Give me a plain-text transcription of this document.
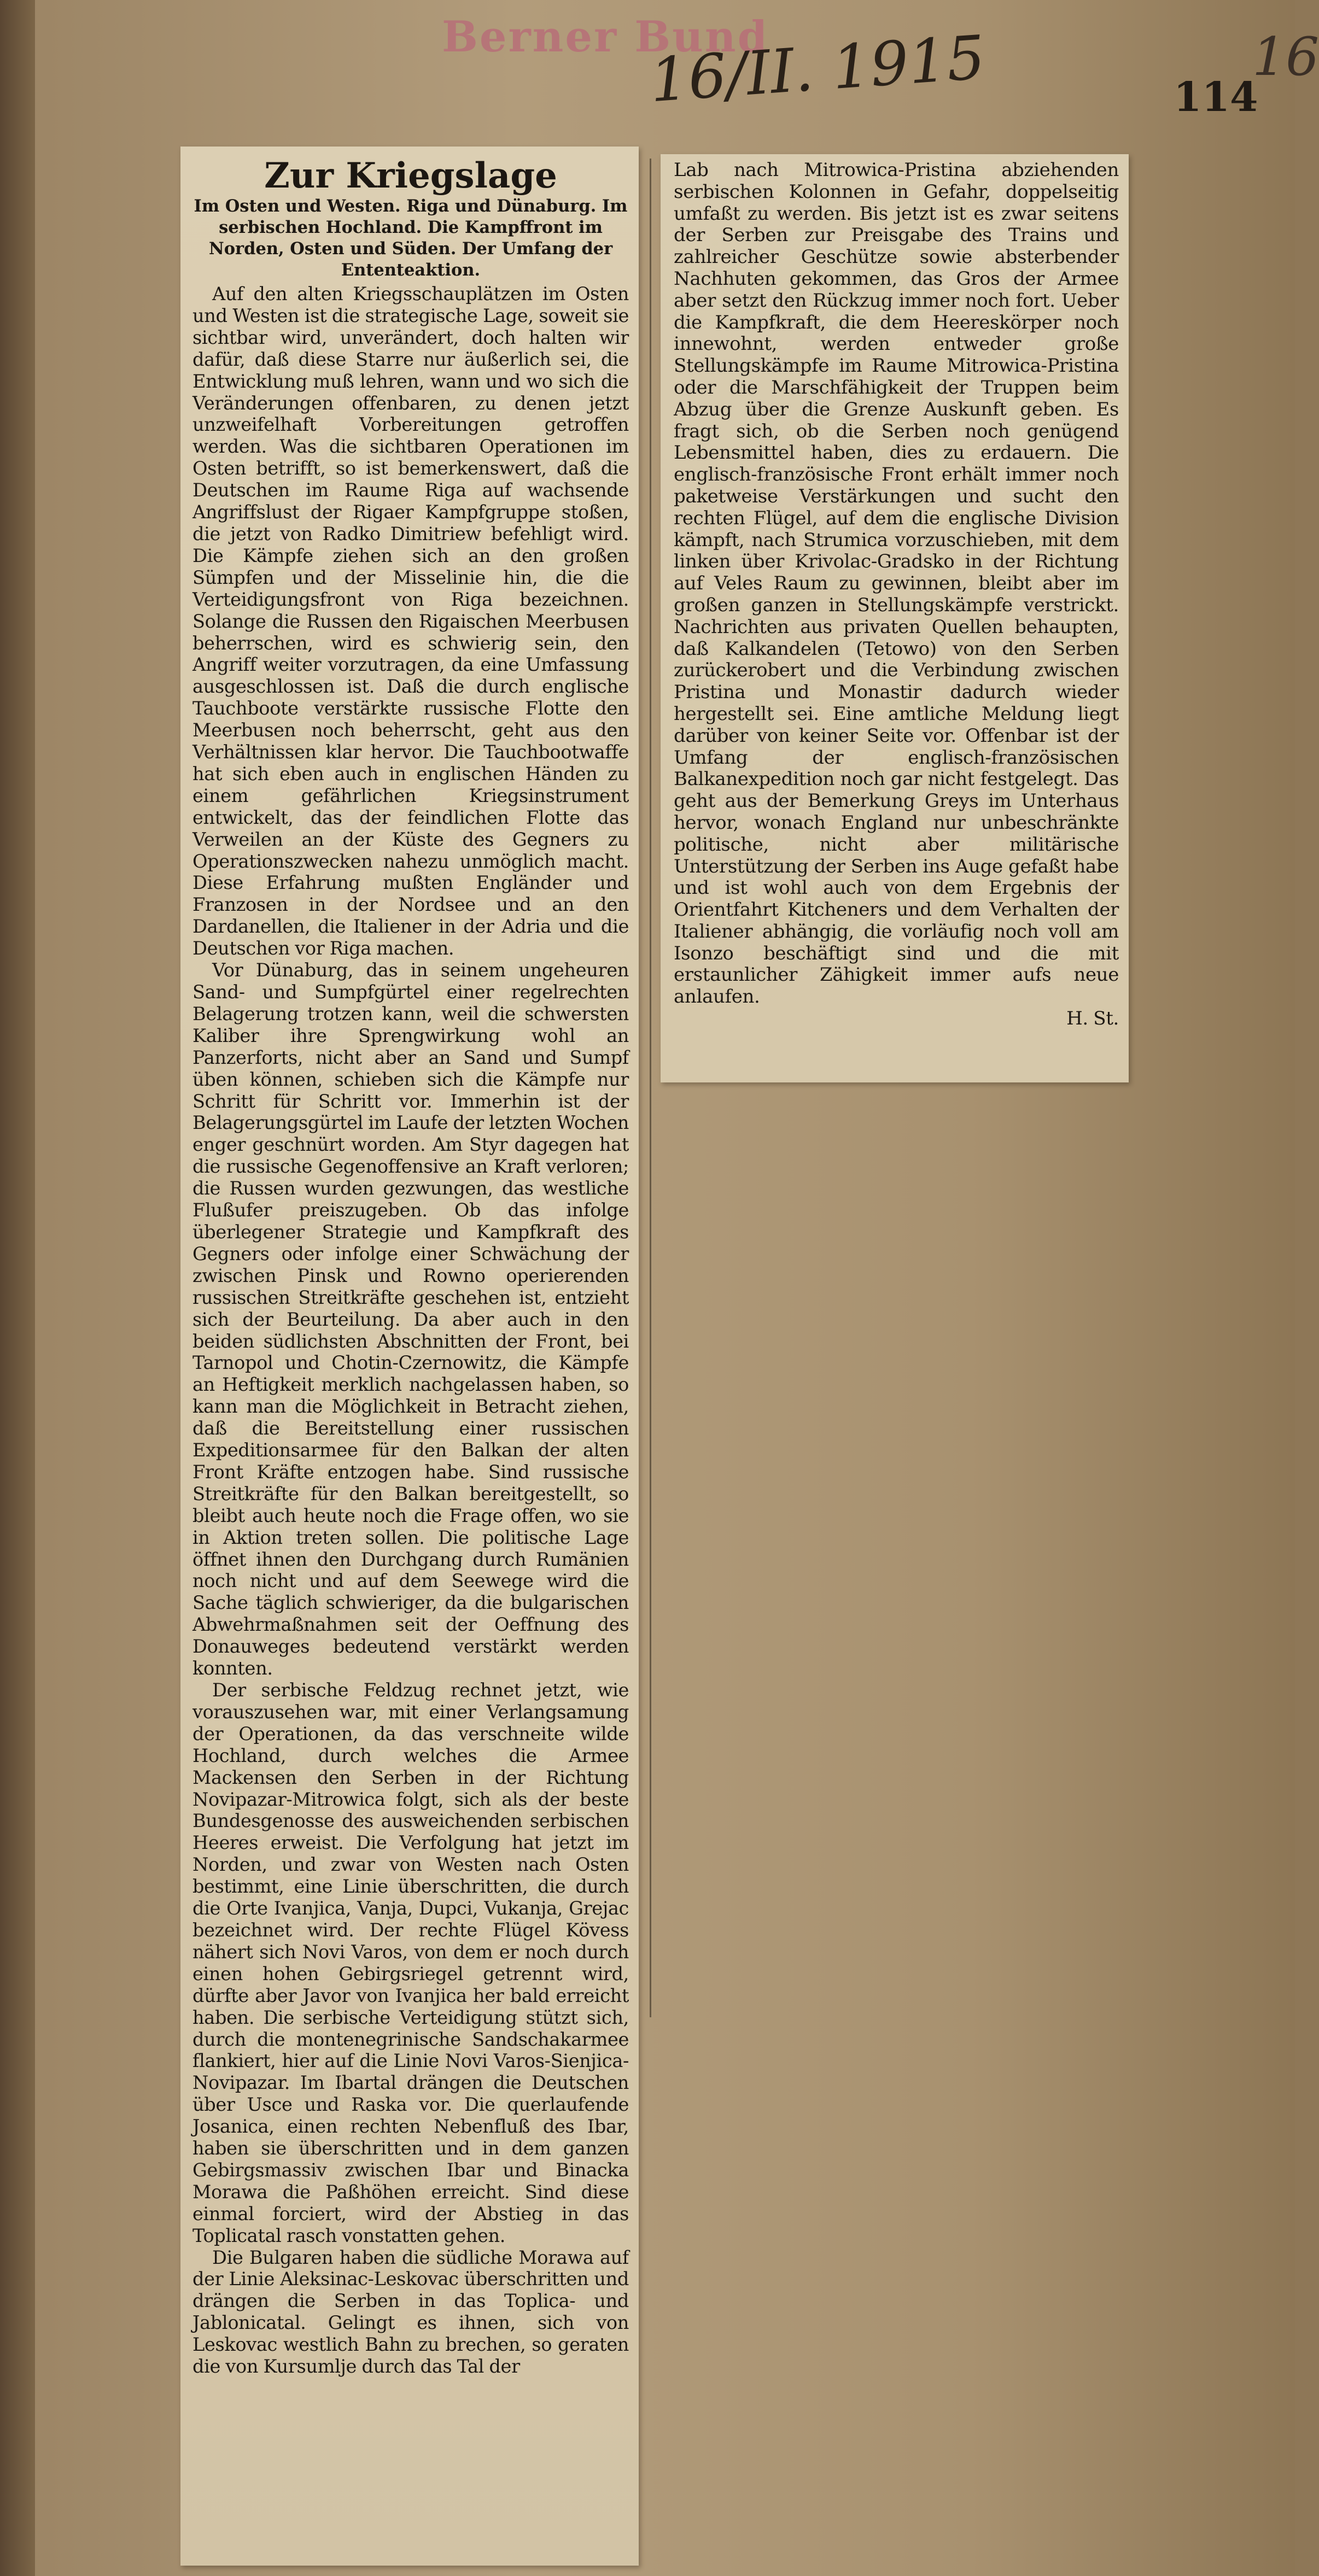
Berner Bund
16/II. 1915	114
16
Zur Kriegslage
Im Osten und Westen. Riga und Dünaburg. Im serbischen Hochland. Die Kampffront im Norden, Osten und Süden. Der Umfang der Ententeaktion.

Auf den alten Kriegsschauplätzen im Osten und Westen ist die strategische Lage, soweit sie sichtbar wird, unverändert, doch halten wir dafür, daß diese Starre nur äußerlich sei, die Entwicklung muß lehren, wann und wo sich die Veränderungen offenbaren, zu denen jetzt unzweifelhaft Vorbereitungen getroffen werden. Was die sichtbaren Operationen im Osten betrifft, so ist bemerkenswert, daß die Deutschen im Raume Riga auf wachsende Angriffslust der Rigaer Kampfgruppe stoßen, die jetzt von Radko Dimitriew befehligt wird. Die Kämpfe ziehen sich an den großen Sümpfen und der Misselinie hin, die die Verteidigungsfront von Riga bezeichnen. Solange die Russen den Rigaischen Meerbusen beherrschen, wird es schwierig sein, den Angriff weiter vorzutragen, da eine Umfassung ausgeschlossen ist. Daß die durch englische Tauchboote verstärkte russische Flotte den Meerbusen noch beherrscht, geht aus den Verhältnissen klar hervor. Die Tauchbootwaffe hat sich eben auch in englischen Händen zu einem gefährlichen Kriegsinstrument entwickelt, das der feindlichen Flotte das Verweilen an der Küste des Gegners zu Operationszwecken nahezu unmöglich macht. Diese Erfahrung mußten Engländer und Franzosen in der Nordsee und an den Dardanellen, die Italiener in der Adria und die Deutschen vor Riga machen.

Vor Dünaburg, das in seinem ungeheuren Sand- und Sumpfgürtel einer regelrechten Belagerung trotzen kann, weil die schwersten Kaliber ihre Sprengwirkung wohl an Panzerforts, nicht aber an Sand und Sumpf üben können, schieben sich die Kämpfe nur Schritt für Schritt vor. Immerhin ist der Belagerungsgürtel im Laufe der letzten Wochen enger geschnürt worden. Am Styr dagegen hat die russische Gegenoffensive an Kraft verloren; die Russen wurden gezwungen, das westliche Flußufer preiszugeben. Ob das infolge überlegener Strategie und Kampfkraft des Gegners oder infolge einer Schwächung der zwischen Pinsk und Rowno operierenden russischen Streitkräfte geschehen ist, entzieht sich der Beurteilung. Da aber auch in den beiden südlichsten Abschnitten der Front, bei Tarnopol und Chotin-Czernowitz, die Kämpfe an Heftigkeit merklich nachgelassen haben, so kann man die Möglichkeit in Betracht ziehen, daß die Bereitstellung einer russischen Expeditionsarmee für den Balkan der alten Front Kräfte entzogen habe. Sind russische Streitkräfte für den Balkan bereitgestellt, so bleibt auch heute noch die Frage offen, wo sie in Aktion treten sollen. Die politische Lage öffnet ihnen den Durchgang durch Rumänien noch nicht und auf dem Seewege wird die Sache täglich schwieriger, da die bulgarischen Abwehrmaßnahmen seit der Oeffnung des Donauweges bedeutend verstärkt werden konnten.

Der serbische Feldzug rechnet jetzt, wie vorauszusehen war, mit einer Verlangsamung der Operationen, da das verschneite wilde Hochland, durch welches die Armee Mackensen den Serben in der Richtung Novipazar-Mitrowica folgt, sich als der beste Bundesgenosse des ausweichenden serbischen Heeres erweist. Die Verfolgung hat jetzt im Norden, und zwar von Westen nach Osten bestimmt, eine Linie überschritten, die durch die Orte Ivanjica, Vanja, Dupci, Vukanja, Grejac bezeichnet wird. Der rechte Flügel Kövess nähert sich Novi Varos, von dem er noch durch einen hohen Gebirgsriegel getrennt wird, dürfte aber Javor von Ivanjica her bald erreicht haben. Die serbische Verteidigung stützt sich, durch die montenegrinische Sandschakarmee flankiert, hier auf die Linie Novi Varos-Sienjica-Novipazar. Im Ibartal drängen die Deutschen über Usce und Raska vor. Die querlaufende Josanica, einen rechten Nebenfluß des Ibar, haben sie überschritten und in dem ganzen Gebirgsmassiv zwischen Ibar und Binacka Morawa die Paßhöhen erreicht. Sind diese einmal forciert, wird der Abstieg in das Toplicatal rasch vonstatten gehen.

Die Bulgaren haben die südliche Morawa auf der Linie Aleksinac-Leskovac überschritten und drängen die Serben in das Toplica- und Jablonicatal. Gelingt es ihnen, sich von Leskovac westlich Bahn zu brechen, so geraten die von Kursumlje durch das Tal der

Lab nach Mitrowica-Pristina abziehenden serbischen Kolonnen in Gefahr, doppelseitig umfaßt zu werden. Bis jetzt ist es zwar seitens der Serben zur Preisgabe des Trains und zahlreicher Geschütze sowie absterbender Nachhuten gekommen, das Gros der Armee aber setzt den Rückzug immer noch fort. Ueber die Kampfkraft, die dem Heereskörper noch innewohnt, werden entweder große Stellungskämpfe im Raume Mitrowica-Pristina oder die Marschfähigkeit der Truppen beim Abzug über die Grenze Auskunft geben. Es fragt sich, ob die Serben noch genügend Lebensmittel haben, dies zu erdauern. Die englisch-französische Front erhält immer noch paketweise Verstärkungen und sucht den rechten Flügel, auf dem die englische Division kämpft, nach Strumica vorzuschieben, mit dem linken über Krivolac-Gradsko in der Richtung auf Veles Raum zu gewinnen, bleibt aber im großen ganzen in Stellungskämpfe verstrickt. Nachrichten aus privaten Quellen behaupten, daß Kalkandelen (Tetowo) von den Serben zurückerobert und die Verbindung zwischen Pristina und Monastir dadurch wieder hergestellt sei. Eine amtliche Meldung liegt darüber von keiner Seite vor. Offenbar ist der Umfang der englisch-französischen Balkanexpedition noch gar nicht festgelegt. Das geht aus der Bemerkung Greys im Unterhaus hervor, wonach England nur unbeschränkte politische, nicht aber militärische Unterstützung der Serben ins Auge gefaßt habe und ist wohl auch von dem Ergebnis der Orientfahrt Kitcheners und dem Verhalten der Italiener abhängig, die vorläufig noch voll am Isonzo beschäftigt sind und die mit erstaunlicher Zähigkeit immer aufs neue anlaufen.
H. St.
